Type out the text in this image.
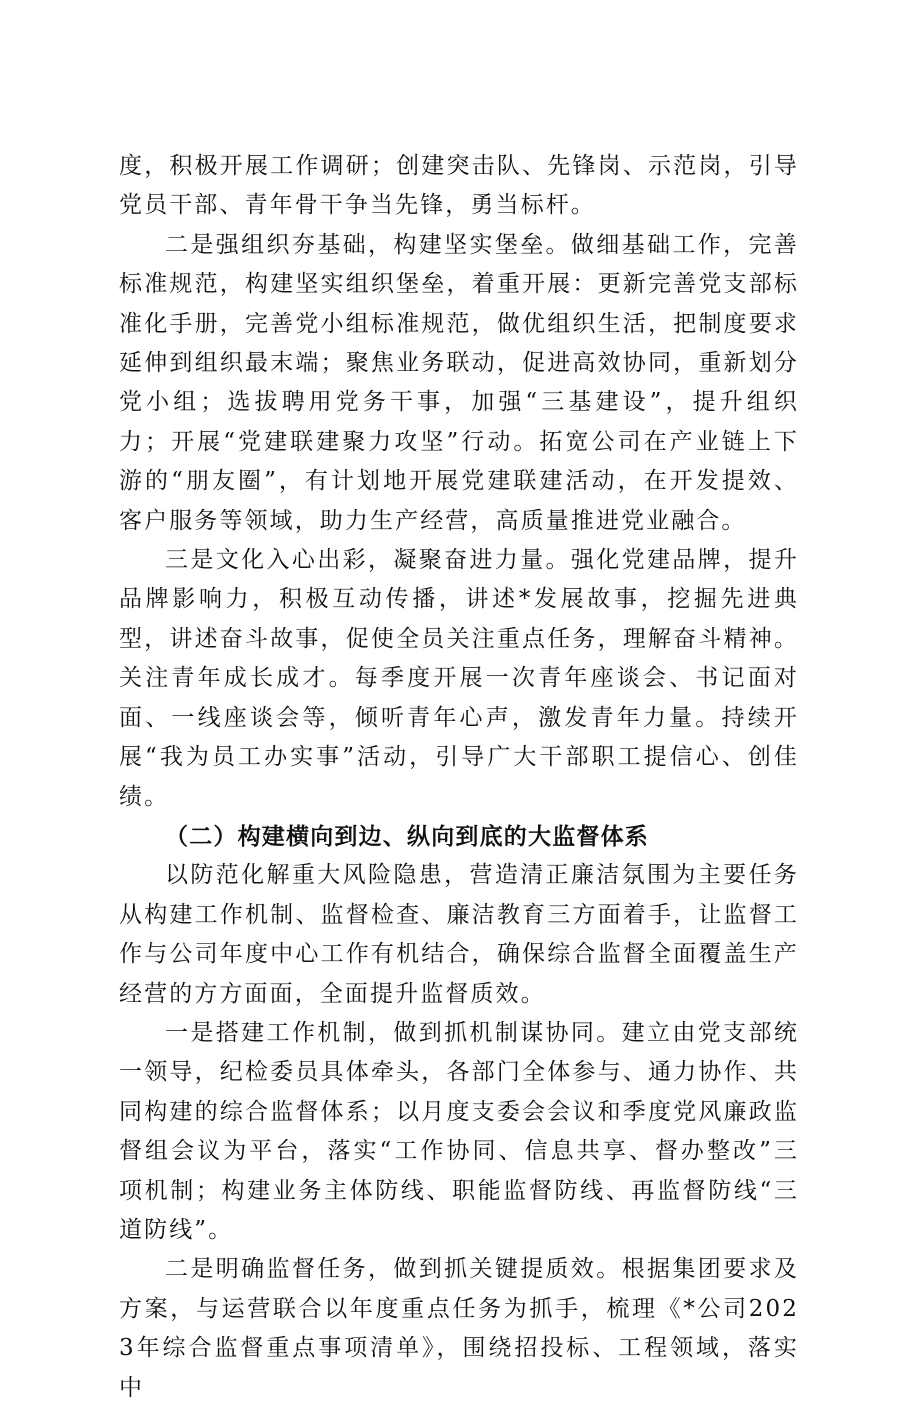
度，积极开展工作调研；创建突击队、先锋岗、示范岗，引导党员干部、青年骨干争当先锋，勇当标杆。

二是强组织夯基础，构建坚实堡垒。做细基础工作，完善标准规范，构建坚实组织堡垒，着重开展：更新完善党支部标准化手册，完善党小组标准规范，做优组织生活，把制度要求延伸到组织最末端；聚焦业务联动，促进高效协同，重新划分党小组；选拔聘用党务干事，加强“三基建设”，提升组织力；开展“党建联建聚力攻坚”行动。拓宽公司在产业链上下游的“朋友圈”，有计划地开展党建联建活动，在开发提效、客户服务等领域，助力生产经营，高质量推进党业融合。

三是文化入心出彩，凝聚奋进力量。强化党建品牌，提升品牌影响力，积极互动传播，讲述*发展故事，挖掘先进典型，讲述奋斗故事，促使全员关注重点任务，理解奋斗精神。关注青年成长成才。每季度开展一次青年座谈会、书记面对面、一线座谈会等，倾听青年心声，激发青年力量。持续开展“我为员工办实事”活动，引导广大干部职工提信心、创佳绩。

（二）构建横向到边、纵向到底的大监督体系

以防范化解重大风险隐患，营造清正廉洁氛围为主要任务从构建工作机制、监督检查、廉洁教育三方面着手，让监督工作与公司年度中心工作有机结合，确保综合监督全面覆盖生产经营的方方面面，全面提升监督质效。

一是搭建工作机制，做到抓机制谋协同。建立由党支部统一领导，纪检委员具体牵头，各部门全体参与、通力协作、共同构建的综合监督体系；以月度支委会会议和季度党风廉政监督组会议为平台，落实“工作协同、信息共享、督办整改”三项机制；构建业务主体防线、职能监督防线、再监督防线“三道防线”。

二是明确监督任务，做到抓关键提质效。根据集团要求及方案，与运营联合以年度重点任务为抓手，梳理《*公司2023年综合监督重点事项清单》，围绕招投标、工程领域，落实中
